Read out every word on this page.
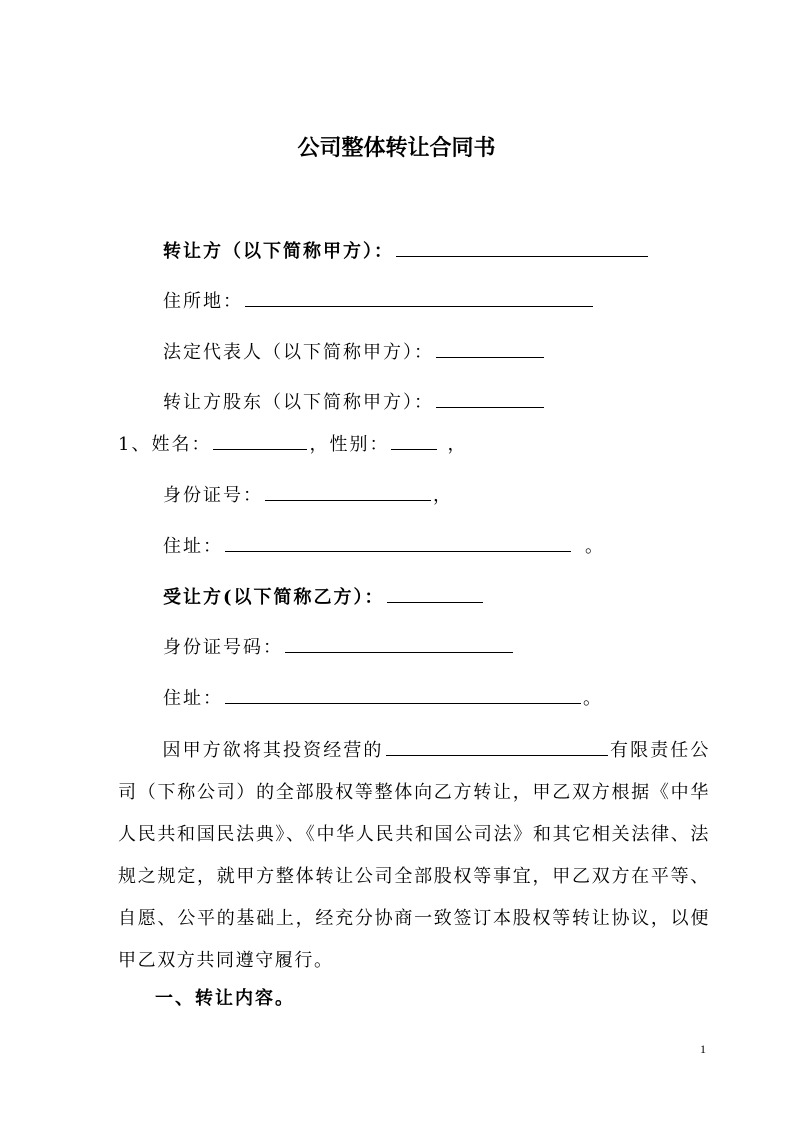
公司整体转让合同书
转让方（以下简称甲方）：
住所地：
法定代表人（以下简称甲方）：
转让方股东（以下简称甲方）：
1、姓名：	，性别：	，
身份证号：	，
住址：	。
受让方(以下简称乙方）：
身份证号码：
住址：	。
因甲方欲将其投资经营的	有限责任公司（下称公司）的全部股权等整体向乙方转让，甲乙双方根据《中华人民共和国民法典》、《中华人民共和国公司法》和其它相关法律、法规之规定，就甲方整体转让公司全部股权等事宜，甲乙双方在平等、自愿、公平的基础上，经充分协商一致签订本股权等转让协议，以便甲乙双方共同遵守履行。
一、转让内容。
1
